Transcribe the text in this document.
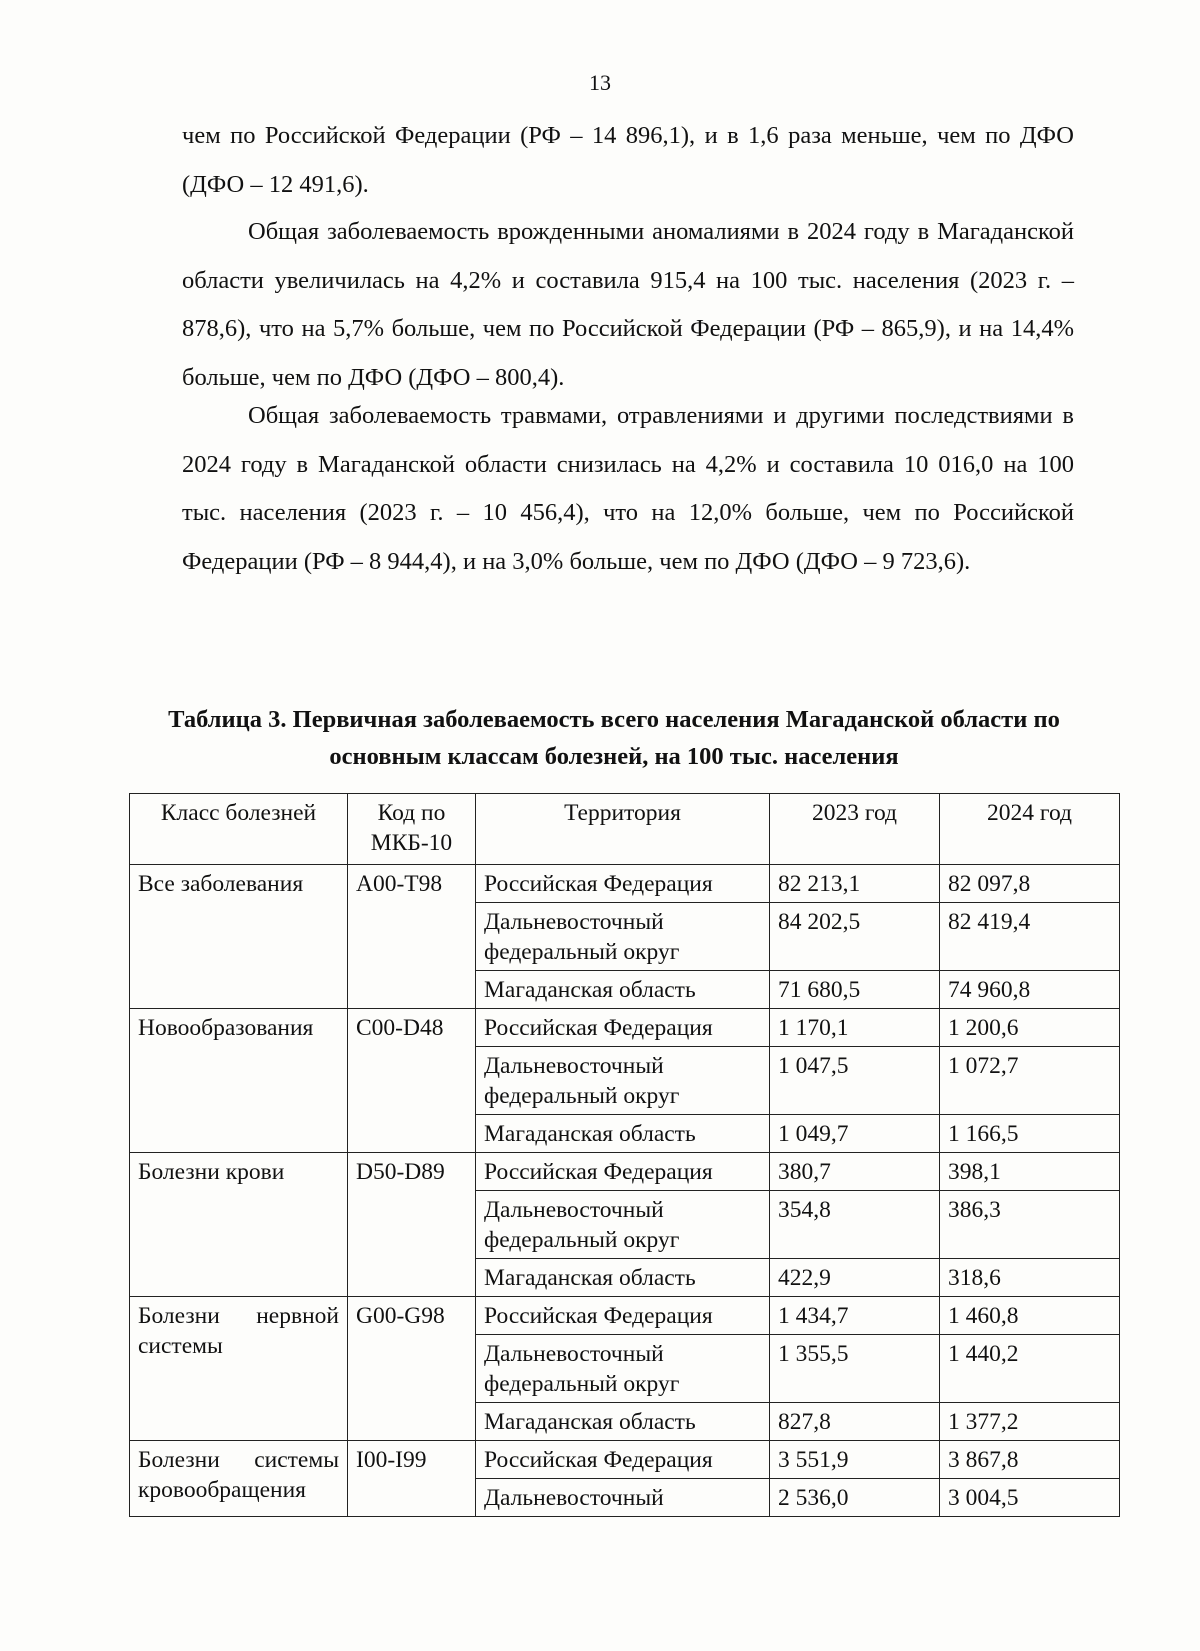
13

чем по Российской Федерации (РФ – 14 896,1), и в 1,6 раза меньше, чем по ДФО (ДФО – 12 491,6).

Общая заболеваемость врожденными аномалиями в 2024 году в Магаданской области увеличилась на 4,2% и составила 915,4 на 100 тыс. населения (2023 г. – 878,6), что на 5,7% больше, чем по Российской Федерации (РФ – 865,9), и на 14,4% больше, чем по ДФО (ДФО – 800,4).

Общая заболеваемость травмами, отравлениями и другими последствиями в 2024 году в Магаданской области снизилась на 4,2% и составила 10 016,0 на 100 тыс. населения (2023 г. – 10 456,4), что на 12,0% больше, чем по Российской Федерации (РФ – 8 944,4), и на 3,0% больше, чем по ДФО (ДФО – 9 723,6).

Таблица 3. Первичная заболеваемость всего населения Магаданской области по основным классам болезней, на 100 тыс. населения
Класс болезней	Код по МКБ-10	Территория	2023 год	2024 год
Все заболевания	A00-T98	Российская Федерация	82 213,1	82 097,8
		Дальневосточный федеральный округ	84 202,5	82 419,4
		Магаданская область	71 680,5	74 960,8
Новообразования	C00-D48	Российская Федерация	1 170,1	1 200,6
		Дальневосточный федеральный округ	1 047,5	1 072,7
		Магаданская область	1 049,7	1 166,5
Болезни крови	D50-D89	Российская Федерация	380,7	398,1
		Дальневосточный федеральный округ	354,8	386,3
		Магаданская область	422,9	318,6
Болезни нервной системы	G00-G98	Российская Федерация	1 434,7	1 460,8
		Дальневосточный федеральный округ	1 355,5	1 440,2
		Магаданская область	827,8	1 377,2
Болезни системы кровообращения	I00-I99	Российская Федерация	3 551,9	3 867,8
		Дальневосточный	2 536,0	3 004,5
